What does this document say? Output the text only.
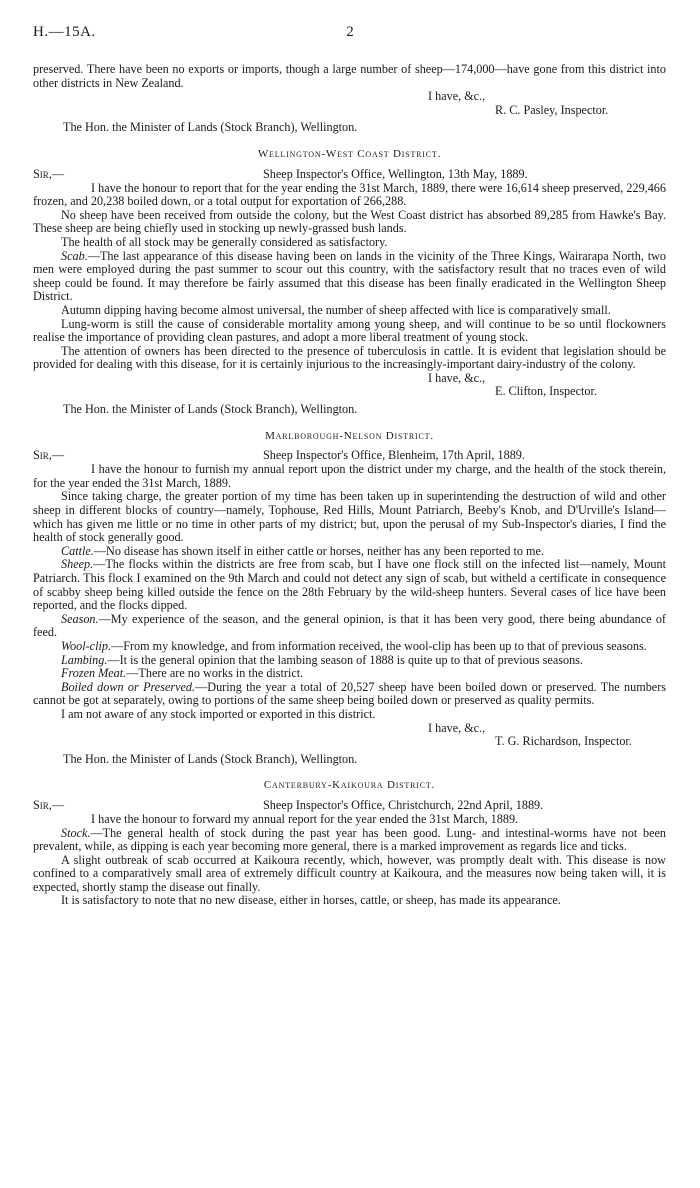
H.—15A.	2

preserved. There have been no exports or imports, though a large number of sheep—174,000—have gone from this district into other districts in New Zealand.

I have, &c.,

R. C. Pasley, Inspector.

The Hon. the Minister of Lands (Stock Branch), Wellington.

Wellington-West Coast District.
Sir,—	Sheep Inspector's Office, Wellington, 13th May, 1889.

I have the honour to report that for the year ending the 31st March, 1889, there were 16,614 sheep preserved, 229,466 frozen, and 20,238 boiled down, or a total output for exportation of 266,288.

No sheep have been received from outside the colony, but the West Coast district has absorbed 89,285 from Hawke's Bay. These sheep are being chiefly used in stocking up newly-grassed bush lands.

The health of all stock may be generally considered as satisfactory.

Scab.—The last appearance of this disease having been on lands in the vicinity of the Three Kings, Wairarapa North, two men were employed during the past summer to scour out this country, with the satisfactory result that no traces even of wild sheep could be found. It may therefore be fairly assumed that this disease has been finally eradicated in the Wellington Sheep District.

Autumn dipping having become almost universal, the number of sheep affected with lice is comparatively small.

Lung-worm is still the cause of considerable mortality among young sheep, and will continue to be so until flockowners realise the importance of providing clean pastures, and adopt a more liberal treatment of young stock.

The attention of owners has been directed to the presence of tuberculosis in cattle. It is evident that legislation should be provided for dealing with this disease, for it is certainly injurious to the increasingly-important dairy-industry of the colony.

I have, &c.,

E. Clifton, Inspector.

The Hon. the Minister of Lands (Stock Branch), Wellington.

Marlborough-Nelson District.
Sir,—	Sheep Inspector's Office, Blenheim, 17th April, 1889.

I have the honour to furnish my annual report upon the district under my charge, and the health of the stock therein, for the year ended the 31st March, 1889.

Since taking charge, the greater portion of my time has been taken up in superintending the destruction of wild and other sheep in different blocks of country—namely, Tophouse, Red Hills, Mount Patriarch, Beeby's Knob, and D'Urville's Island—which has given me little or no time in other parts of my district; but, upon the perusal of my Sub-Inspector's diaries, I find the health of stock generally good.

Cattle.—No disease has shown itself in either cattle or horses, neither has any been reported to me.

Sheep.—The flocks within the districts are free from scab, but I have one flock still on the infected list—namely, Mount Patriarch. This flock I examined on the 9th March and could not detect any sign of scab, but witheld a certificate in consequence of scabby sheep being killed outside the fence on the 28th February by the wild-sheep hunters. Several cases of lice have been reported, and the flocks dipped.

Season.—My experience of the season, and the general opinion, is that it has been very good, there being abundance of feed.

Wool-clip.—From my knowledge, and from information received, the wool-clip has been up to that of previous seasons.

Lambing.—It is the general opinion that the lambing season of 1888 is quite up to that of previous seasons.

Frozen Meat.—There are no works in the district.

Boiled down or Preserved.—During the year a total of 20,527 sheep have been boiled down or preserved. The numbers cannot be got at separately, owing to portions of the same sheep being boiled down or preserved as quality permits.

I am not aware of any stock imported or exported in this district.

I have, &c.,

T. G. Richardson, Inspector.

The Hon. the Minister of Lands (Stock Branch), Wellington.

Canterbury-Kaikoura District.
Sir,—	Sheep Inspector's Office, Christchurch, 22nd April, 1889.

I have the honour to forward my annual report for the year ended the 31st March, 1889.

Stock.—The general health of stock during the past year has been good. Lung- and intestinal-worms have not been prevalent, while, as dipping is each year becoming more general, there is a marked improvement as regards lice and ticks.

A slight outbreak of scab occurred at Kaikoura recently, which, however, was promptly dealt with. This disease is now confined to a comparatively small area of extremely difficult country at Kaikoura, and the measures now being taken will, it is expected, shortly stamp the disease out finally.

It is satisfactory to note that no new disease, either in horses, cattle, or sheep, has made its appearance.
